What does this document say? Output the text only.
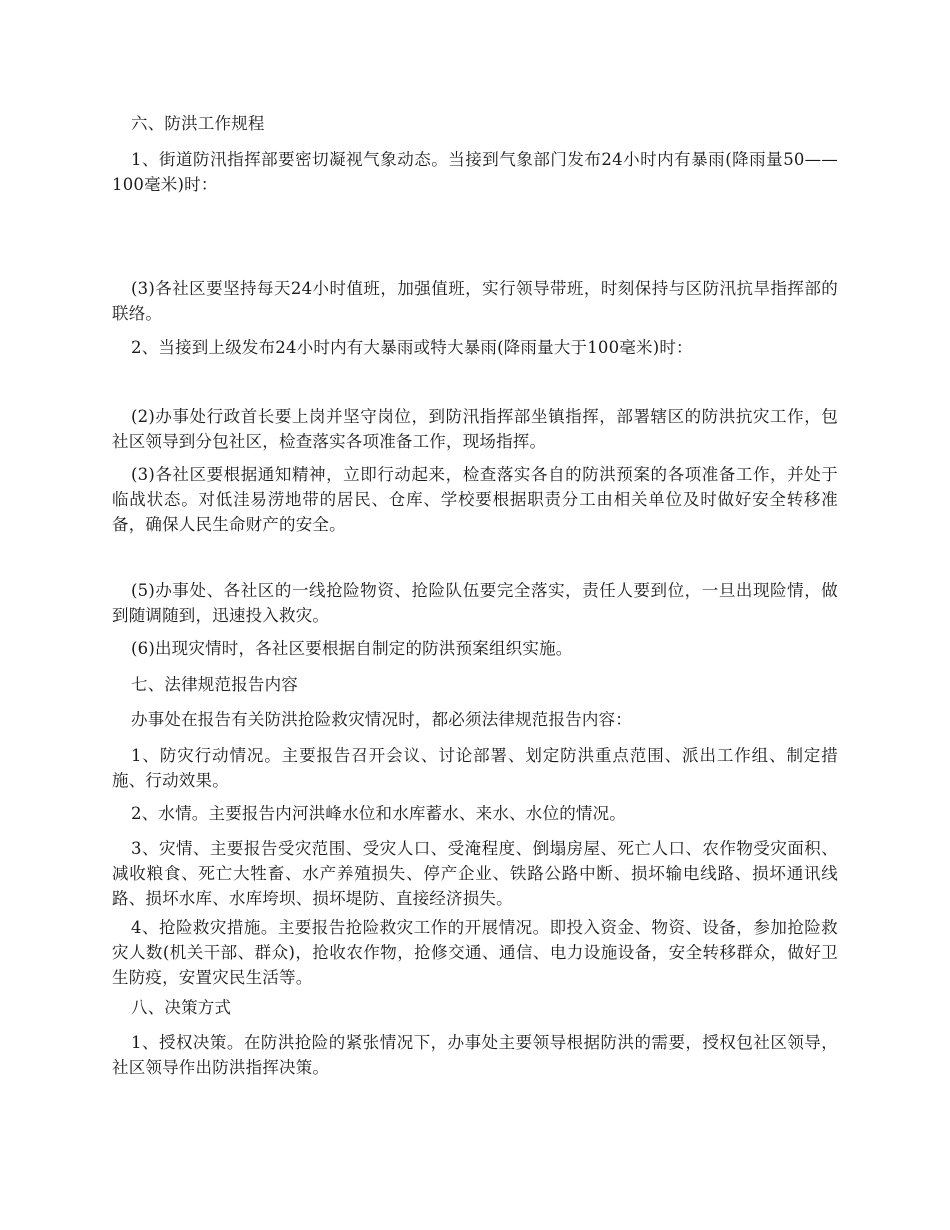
六、防洪工作规程

1、街道防汛指挥部要密切凝视气象动态。当接到气象部门发布24小时内有暴雨(降雨量50——100毫米)时：

(3)各社区要坚持每天24小时值班，加强值班，实行领导带班，时刻保持与区防汛抗旱指挥部的联络。

2、当接到上级发布24小时内有大暴雨或特大暴雨(降雨量大于100毫米)时：

(2)办事处行政首长要上岗并坚守岗位，到防汛指挥部坐镇指挥，部署辖区的防洪抗灾工作，包社区领导到分包社区，检查落实各项准备工作，现场指挥。

(3)各社区要根据通知精神，立即行动起来，检查落实各自的防洪预案的各项准备工作，并处于临战状态。对低洼易涝地带的居民、仓库、学校要根据职责分工由相关单位及时做好安全转移准备，确保人民生命财产的安全。

(5)办事处、各社区的一线抢险物资、抢险队伍要完全落实，责任人要到位，一旦出现险情，做到随调随到，迅速投入救灾。

(6)出现灾情时，各社区要根据自制定的防洪预案组织实施。

七、法律规范报告内容

办事处在报告有关防洪抢险救灾情况时，都必须法律规范报告内容：

1、防灾行动情况。主要报告召开会议、讨论部署、划定防洪重点范围、派出工作组、制定措施、行动效果。

2、水情。主要报告内河洪峰水位和水库蓄水、来水、水位的情况。

3、灾情、主要报告受灾范围、受灾人口、受淹程度、倒塌房屋、死亡人口、农作物受灾面积、减收粮食、死亡大牲畜、水产养殖损失、停产企业、铁路公路中断、损坏输电线路、损坏通讯线路、损坏水库、水库垮坝、损坏堤防、直接经济损失。

4、抢险救灾措施。主要报告抢险救灾工作的开展情况。即投入资金、物资、设备，参加抢险救灾人数(机关干部、群众)，抢收农作物，抢修交通、通信、电力设施设备，安全转移群众，做好卫生防疫，安置灾民生活等。

八、决策方式

1、授权决策。在防洪抢险的紧张情况下，办事处主要领导根据防洪的需要，授权包社区领导，社区领导作出防洪指挥决策。
